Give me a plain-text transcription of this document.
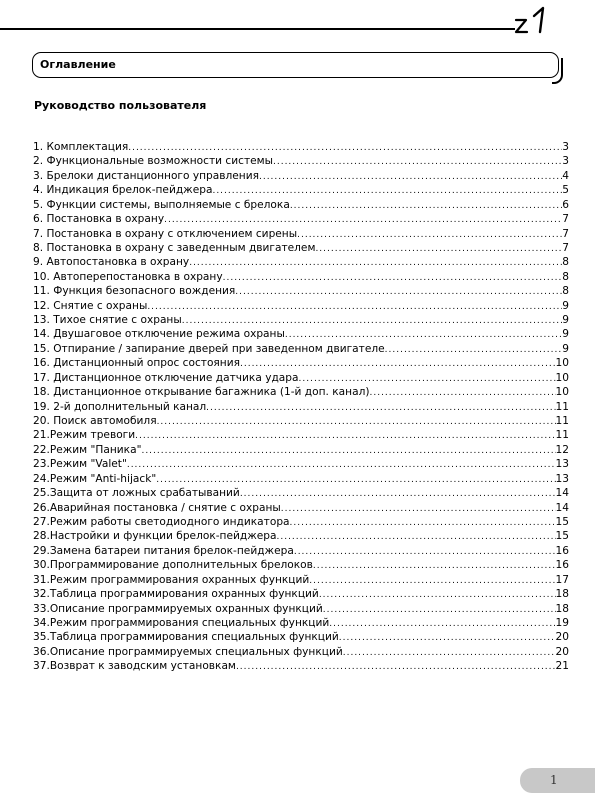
Оглавление
Руководство пользователя
1. Комплектация .....	3
2. Функциональные возможности системы .....	3
3. Брелоки дистанционного управления .....	4
4. Индикация брелок-пейджера .....	5
5. Функции системы, выполняемые с брелока .....	6
6. Постановка в охрану .....	7
7. Постановка в охрану с отключением сирены .....	7
8. Постановка в охрану с заведенным двигателем .....	7
9. Автопостановка в охрану .....	8
10. Автоперепостановка в охрану .....	8
11. Функция безопасного вождения .....	8
12. Снятие с охраны .....	9
13. Тихое снятие с охраны .....	9
14. Двушаговое отключение режима охраны .....	9
15. Отпирание / запирание дверей при заведенном двигателе .....	9
16. Дистанционный опрос состояния .....	10
17. Дистанционное отключение датчика удара .....	10
18. Дистанционное открывание багажника (1-й доп. канал) .....	10
19. 2-й дополнительный канал .....	11
20. Поиск автомобиля .....	11
21.Режим тревоги .....	11
22.Режим "Паника" .....	12
23.Режим "Valet" .....	13
24.Режим "Anti-hijack" .....	13
25.Защита от ложных срабатываний .....	14
26.Аварийная постановка / снятие с охраны .....	14
27.Режим работы светодиодного индикатора .....	15
28.Настройки и функции брелок-пейджера .....	15
29.Замена батареи питания брелок-пейджера .....	16
30.Программирование дополнительных брелоков .....	16
31.Режим программирования охранных функций .....	17
32.Таблица программирования охранных функций .....	18
33.Описание программируемых охранных функций .....	18
34.Режим программирования специальных функций .....	19
35.Таблица программирования специальных функций .....	20
36.Описание программируемых специальных функций .....	20
37.Возврат к заводским установкам .....	21
1
